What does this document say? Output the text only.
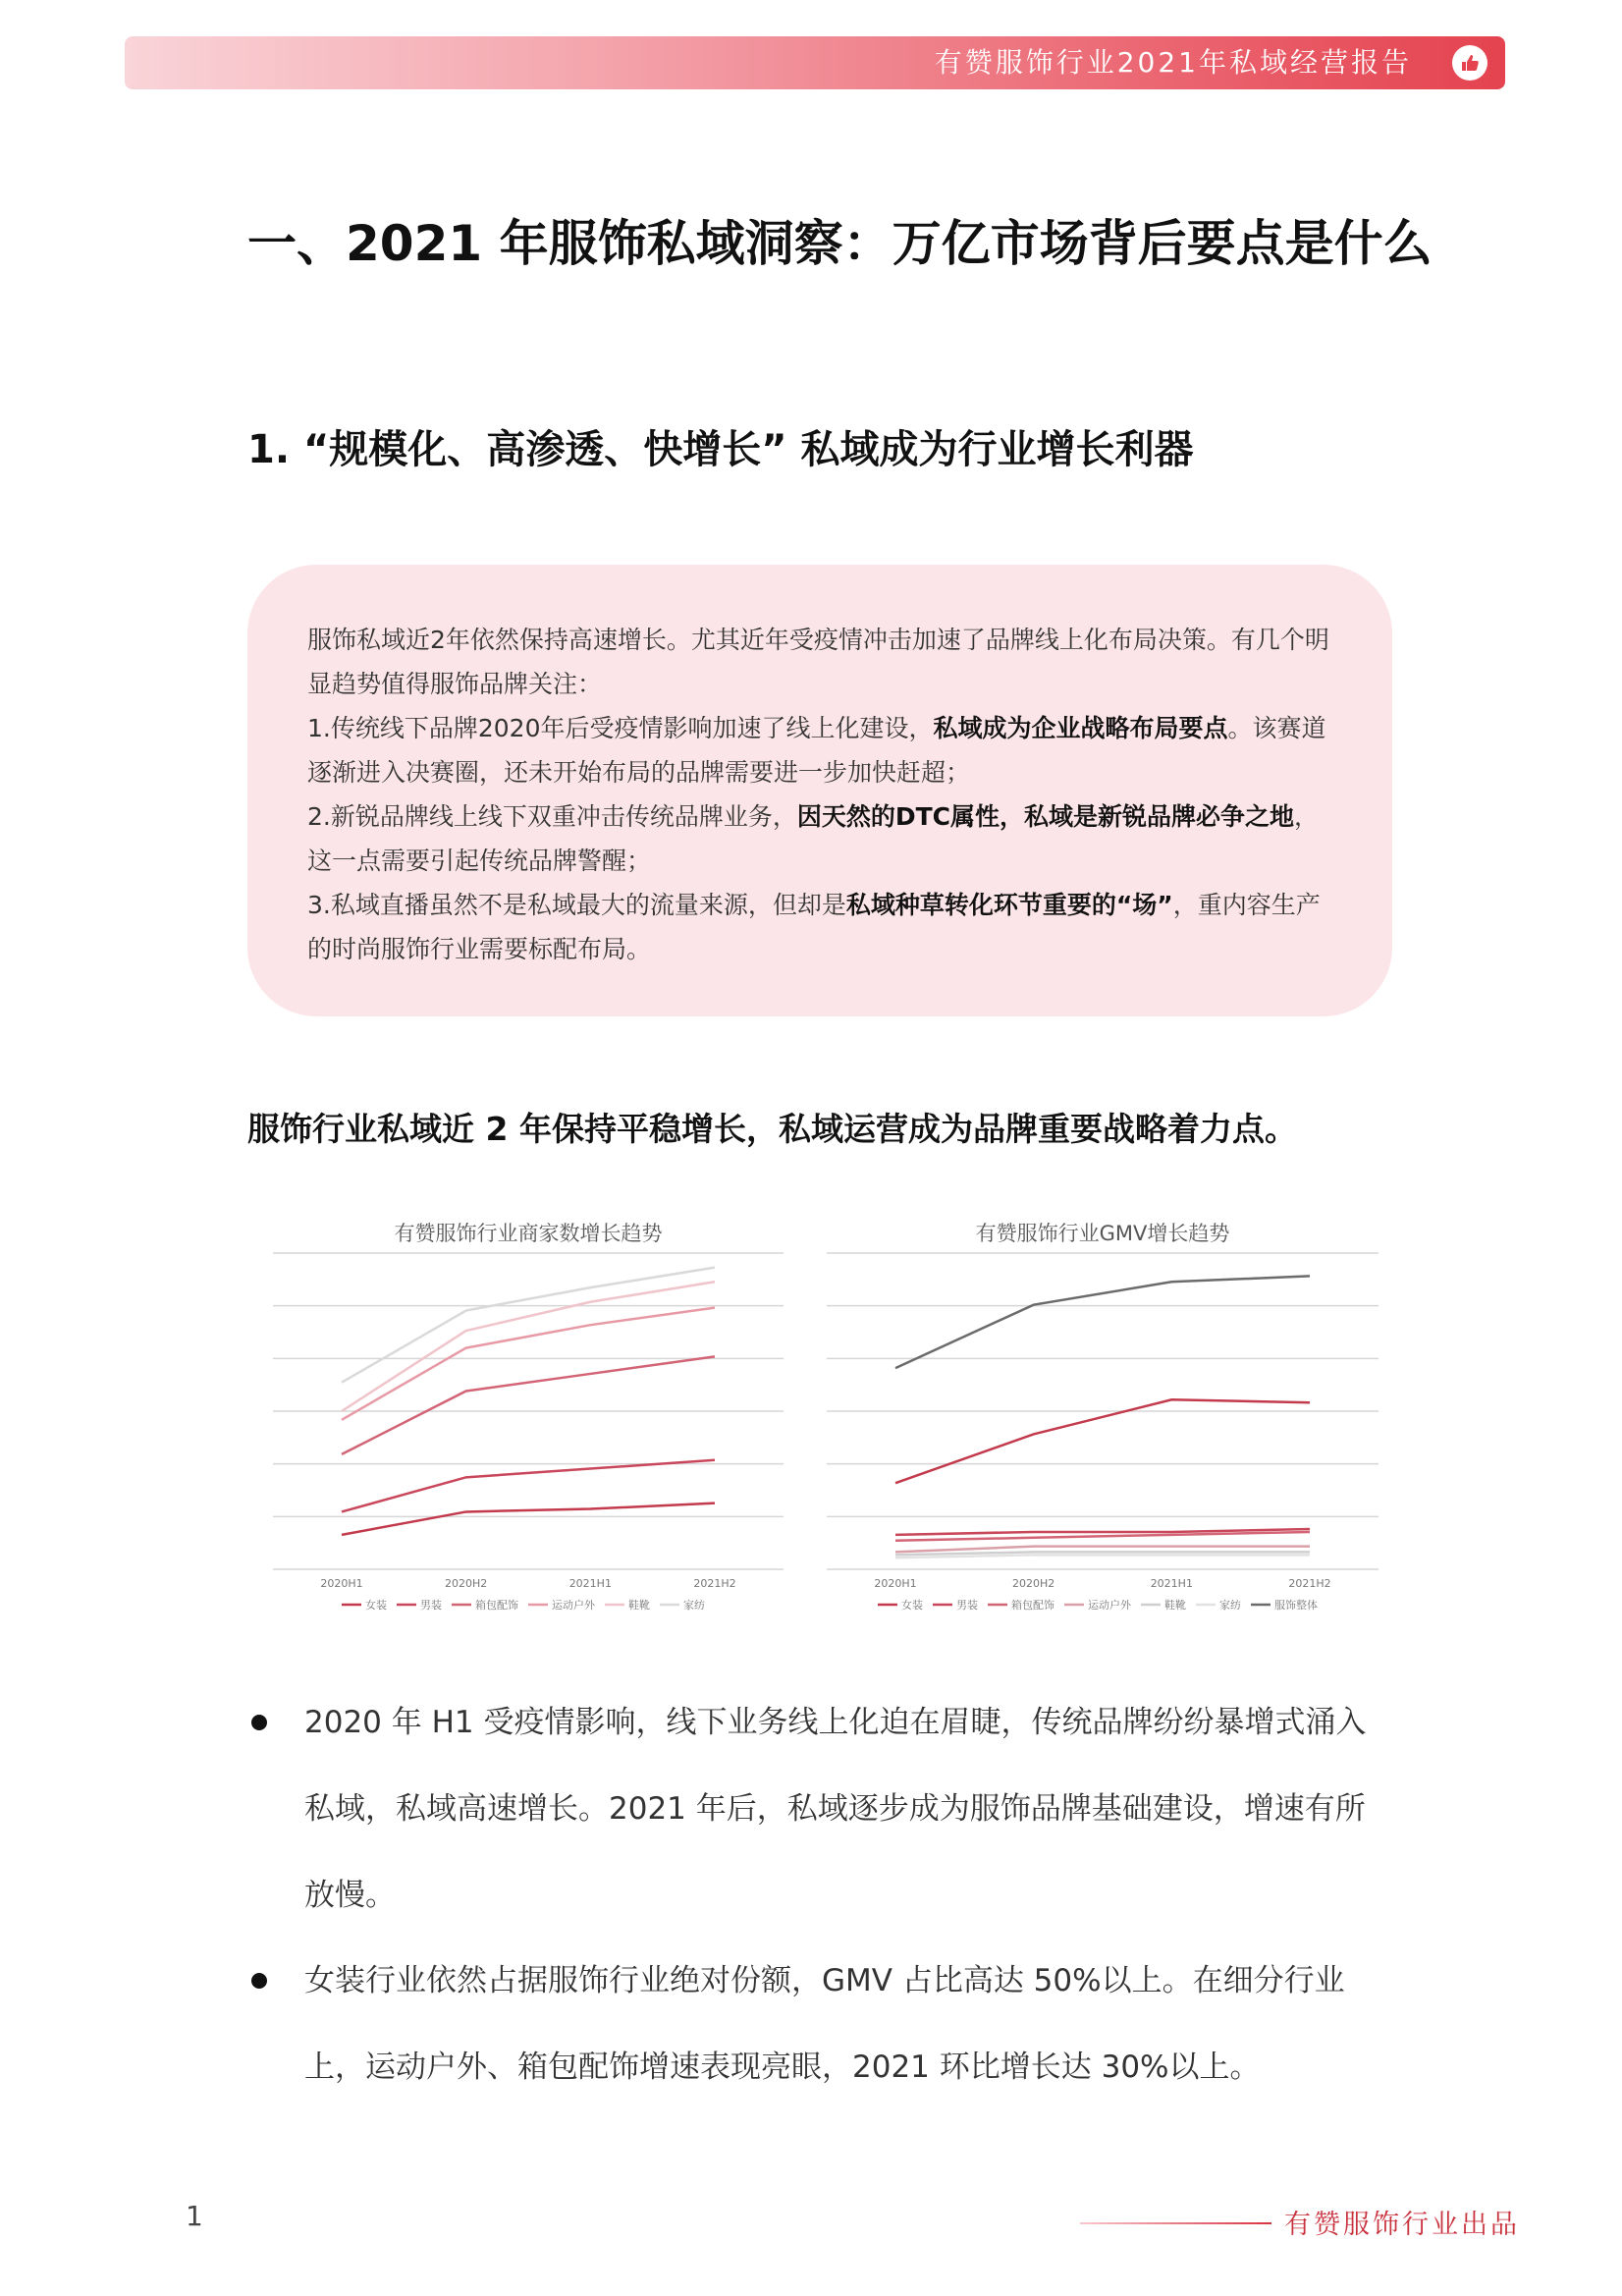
有赞服饰行业2021年私域经营报告
一、2021 年服饰私域洞察：万亿市场背后要点是什么
1. “规模化、高渗透、快增长” 私域成为行业增长利器

服饰私域近2年依然保持高速增长。尤其近年受疫情冲击加速了品牌线上化布局决策。有几个明显趋势值得服饰品牌关注：

1.传统线下品牌2020年后受疫情影响加速了线上化建设，私域成为企业战略布局要点。该赛道逐渐进入决赛圈，还未开始布局的品牌需要进一步加快赶超；

2.新锐品牌线上线下双重冲击传统品牌业务，因天然的DTC属性，私域是新锐品牌必争之地，这一点需要引起传统品牌警醒；

3.私域直播虽然不是私域最大的流量来源，但却是私域种草转化环节重要的“场”，重内容生产的时尚服饰行业需要标配布局。

服饰行业私域近 2 年保持平稳增长，私域运营成为品牌重要战略着力点。
有赞服饰行业商家数增长趋势
2020H1	2020H2	2021H1	2021H2
女装	男装	箱包配饰	运动户外	鞋靴	家纺
有赞服饰行业GMV增长趋势
2020H1	2020H2	2021H1	2021H2
女装	男装	箱包配饰	运动户外	鞋靴	家纺	服饰整体
2020 年 H1 受疫情影响，线下业务线上化迫在眉睫，传统品牌纷纷暴增式涌入私域，私域高速增长。2021 年后，私域逐步成为服饰品牌基础建设，增速有所放慢。
女装行业依然占据服饰行业绝对份额，GMV 占比高达 50%以上。在细分行业上，运动户外、箱包配饰增速表现亮眼，2021 环比增长达 30%以上。
1	有赞服饰行业出品
